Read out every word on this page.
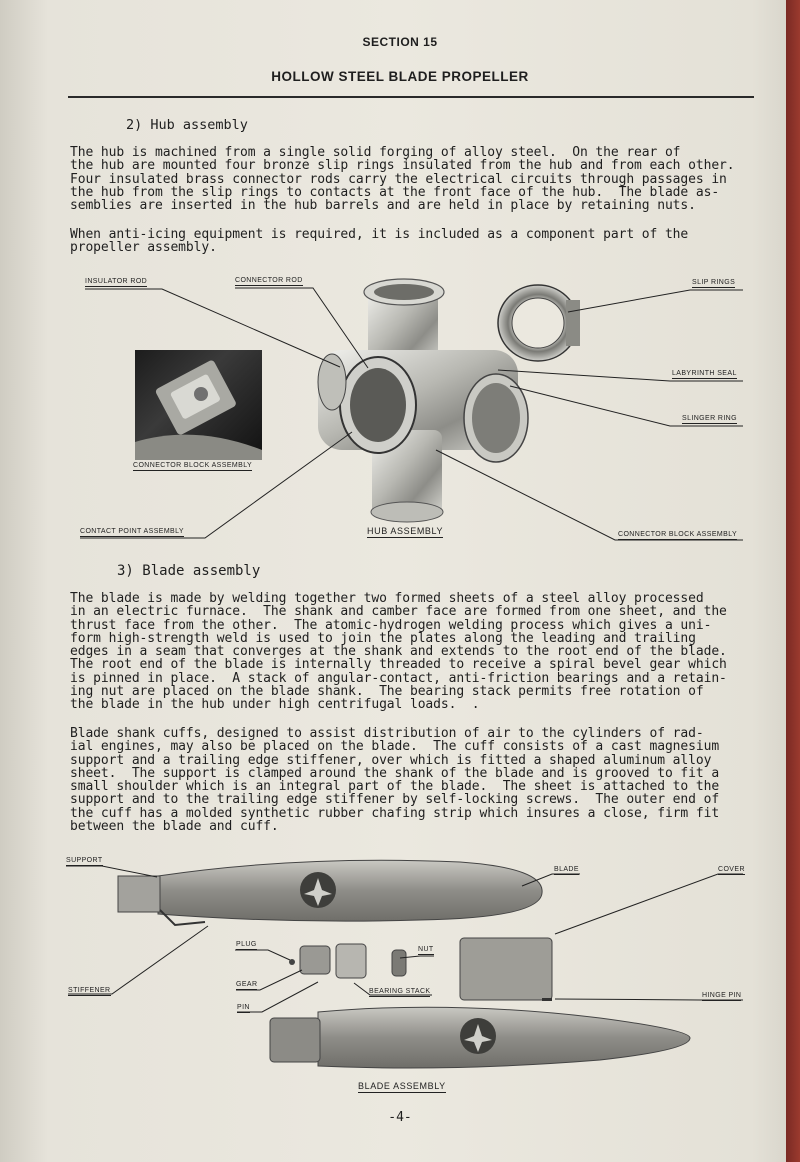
SECTION 15
HOLLOW STEEL BLADE PROPELLER
2) Hub assembly
The hub is machined from a single solid forging of alloy steel.  On the rear of
the hub are mounted four bronze slip rings insulated from the hub and from each other.
Four insulated brass connector rods carry the electrical circuits through passages in
the hub from the slip rings to contacts at the front face of the hub.  The blade as-
semblies are inserted in the hub barrels and are held in place by retaining nuts.
When anti-icing equipment is required, it is included as a component part of the
propeller assembly.
INSULATOR ROD	CONNECTOR ROD	SLIP RINGS
LABYRINTH SEAL
SLINGER RING
CONNECTOR BLOCK ASSEMBLY
CONTACT POINT ASSEMBLY	HUB ASSEMBLY	CONNECTOR BLOCK ASSEMBLY
3) Blade assembly
The blade is made by welding together two formed sheets of a steel alloy processed
in an electric furnace.  The shank and camber face are formed from one sheet, and the
thrust face from the other.  The atomic-hydrogen welding process which gives a uni-
form high-strength weld is used to join the plates along the leading and trailing
edges in a seam that converges at the shank and extends to the root end of the blade.
The root end of the blade is internally threaded to receive a spiral bevel gear which
is pinned in place.  A stack of angular-contact, anti-friction bearings and a retain-
ing nut are placed on the blade shank.  The bearing stack permits free rotation of
the blade in the hub under high centrifugal loads.  .
Blade shank cuffs, designed to assist distribution of air to the cylinders of rad-
ial engines, may also be placed on the blade.  The cuff consists of a cast magnesium
support and a trailing edge stiffener, over which is fitted a shaped aluminum alloy
sheet.  The support is clamped around the shank of the blade and is grooved to fit a
small shoulder which is an integral part of the blade.  The sheet is attached to the
support and to the trailing edge stiffener by self-locking screws.  The outer end of
the cuff has a molded synthetic rubber chafing strip which insures a close, firm fit
between the blade and cuff.
SUPPORT
BLADE	COVER
PLUG
NUT
GEAR
BEARING STACK
HINGE PIN
PIN
STIFFENER
BLADE ASSEMBLY
-4-
